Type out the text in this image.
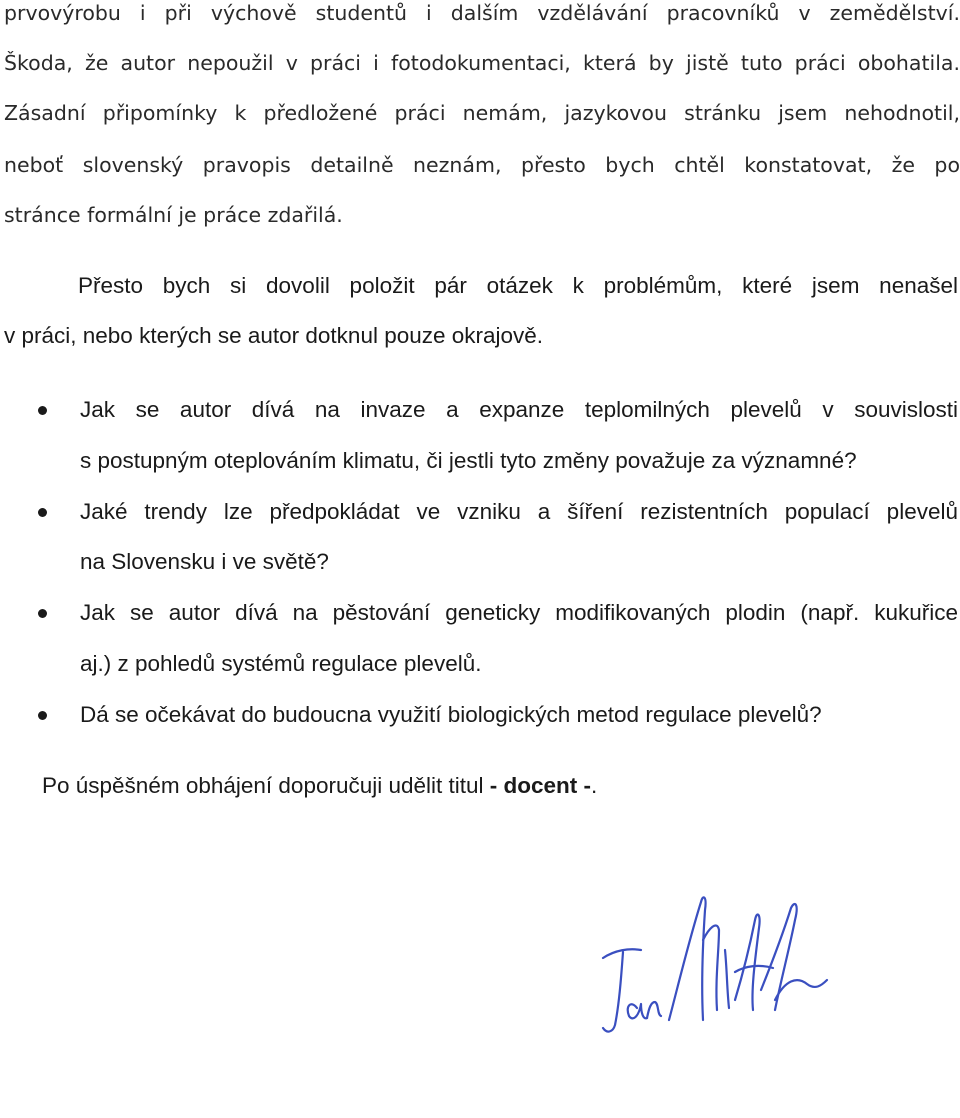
prvovýrobu i při výchově studentů i dalším vzdělávání pracovníků v zemědělství.
Škoda, že autor nepoužil v práci i fotodokumentaci, která by jistě tuto práci obohatila.
Zásadní připomínky k předložené práci nemám, jazykovou stránku jsem nehodnotil,
neboť slovenský pravopis detailně neznám, přesto bych chtěl konstatovat, že po
stránce formální je práce zdařilá.
Přesto bych si dovolil položit pár otázek k problémům, které jsem nenašel
v práci, nebo kterých se autor dotknul pouze okrajově.
Jak se autor dívá na invaze a expanze teplomilných plevelů v souvislosti
s postupným oteplováním klimatu, či jestli tyto změny považuje za významné?
Jaké trendy lze předpokládat ve vzniku a šíření rezistentních populací plevelů
na Slovensku i ve světě?
Jak se autor dívá na pěstování geneticky modifikovaných plodin (např. kukuřice
aj.) z pohledů systémů regulace plevelů.
Dá se očekávat do budoucna využití biologických metod regulace plevelů?
Po úspěšném obhájení doporučuji udělit titul - docent -.
